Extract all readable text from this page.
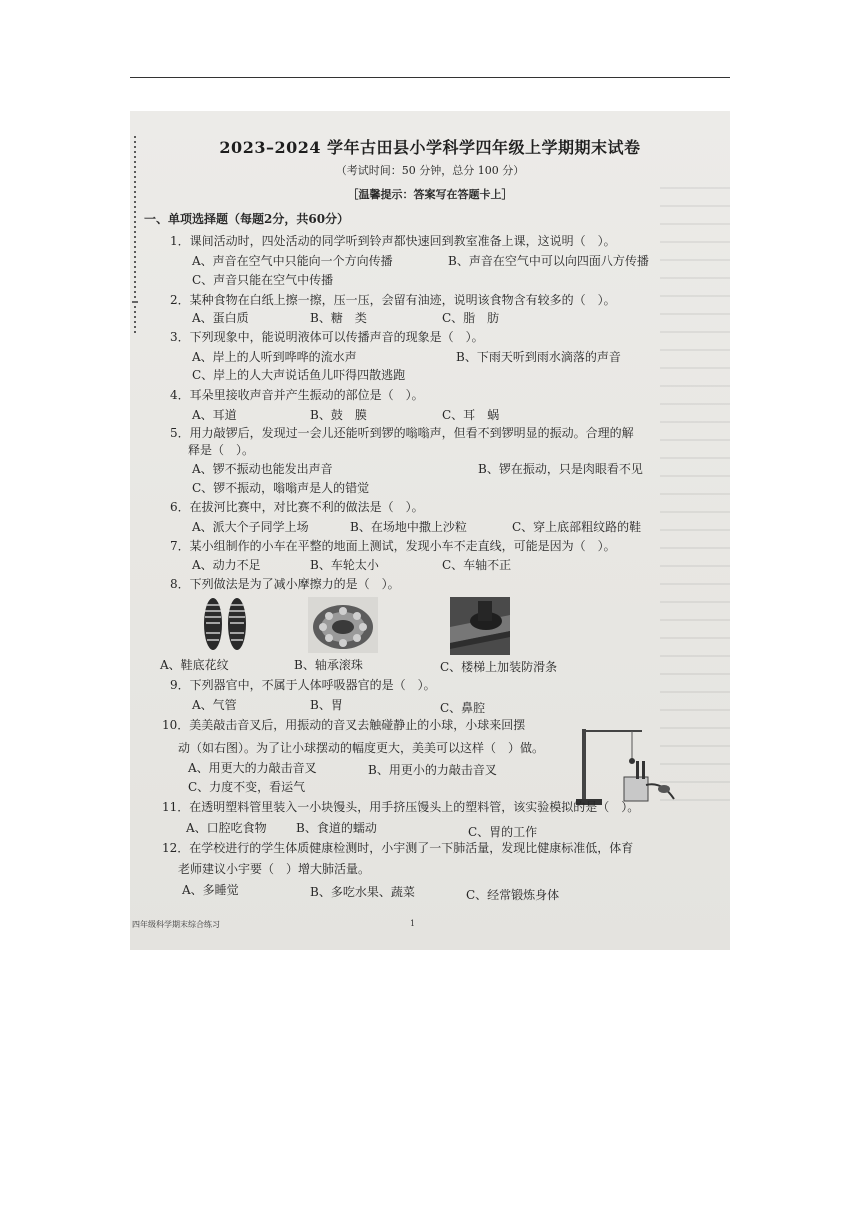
2023–2024 学年古田县小学科学四年级上学期期末试卷
（考试时间：50 分钟，总分 100 分）
［温馨提示：答案写在答题卡上］
一、单项选择题（每题2分，共60分）
1．课间活动时，四处活动的同学听到铃声都快速回到教室准备上课，这说明（　）。
A、声音在空气中只能向一个方向传播	B、声音在空气中可以向四面八方传播
C、声音只能在空气中传播
2．某种食物在白纸上擦一擦，压一压，会留有油迹，说明该食物含有较多的（　）。
A、蛋白质	B、糖　类	C、脂　肪
3．下列现象中，能说明液体可以传播声音的现象是（　）。
A、岸上的人听到哗哗的流水声	B、下雨天听到雨水滴落的声音
C、岸上的人大声说话鱼儿吓得四散逃跑
4．耳朵里接收声音并产生振动的部位是（　）。
A、耳道	B、鼓　膜	C、耳　蜗
5．用力敲锣后，发现过一会儿还能听到锣的嗡嗡声，但看不到锣明显的振动。合理的解
释是（　）。
A、锣不振动也能发出声音	B、锣在振动，只是肉眼看不见
C、锣不振动，嗡嗡声是人的错觉
6．在拔河比赛中，对比赛不利的做法是（　）。
A、派大个子同学上场	B、在场地中撒上沙粒	C、穿上底部粗纹路的鞋
7．某小组制作的小车在平整的地面上测试，发现小车不走直线，可能是因为（　）。
A、动力不足	B、车轮太小	C、车轴不正
8．下列做法是为了减小摩擦力的是（　）。
A、鞋底花纹	B、轴承滚珠	C、楼梯上加装防滑条
9．下列器官中，不属于人体呼吸器官的是（　）。
A、气管	B、胃	C、鼻腔
10．美美敲击音叉后，用振动的音叉去触碰静止的小球，小球来回摆
动（如右图）。为了让小球摆动的幅度更大，美美可以这样（　）做。
A、用更大的力敲击音叉	B、用更小的力敲击音叉
C、力度不变，看运气
11．在透明塑料管里装入一小块馒头，用手挤压馒头上的塑料管，该实验模拟的是（　）。
A、口腔吃食物 B、食道的蠕动	C、胃的工作
12．在学校进行的学生体质健康检测时，小宇测了一下肺活量，发现比健康标准低，体育
老师建议小宇要（　）增大肺活量。
A、多睡觉	B、多吃水果、蔬菜	C、经常锻炼身体
四年级科学期末综合练习	1
